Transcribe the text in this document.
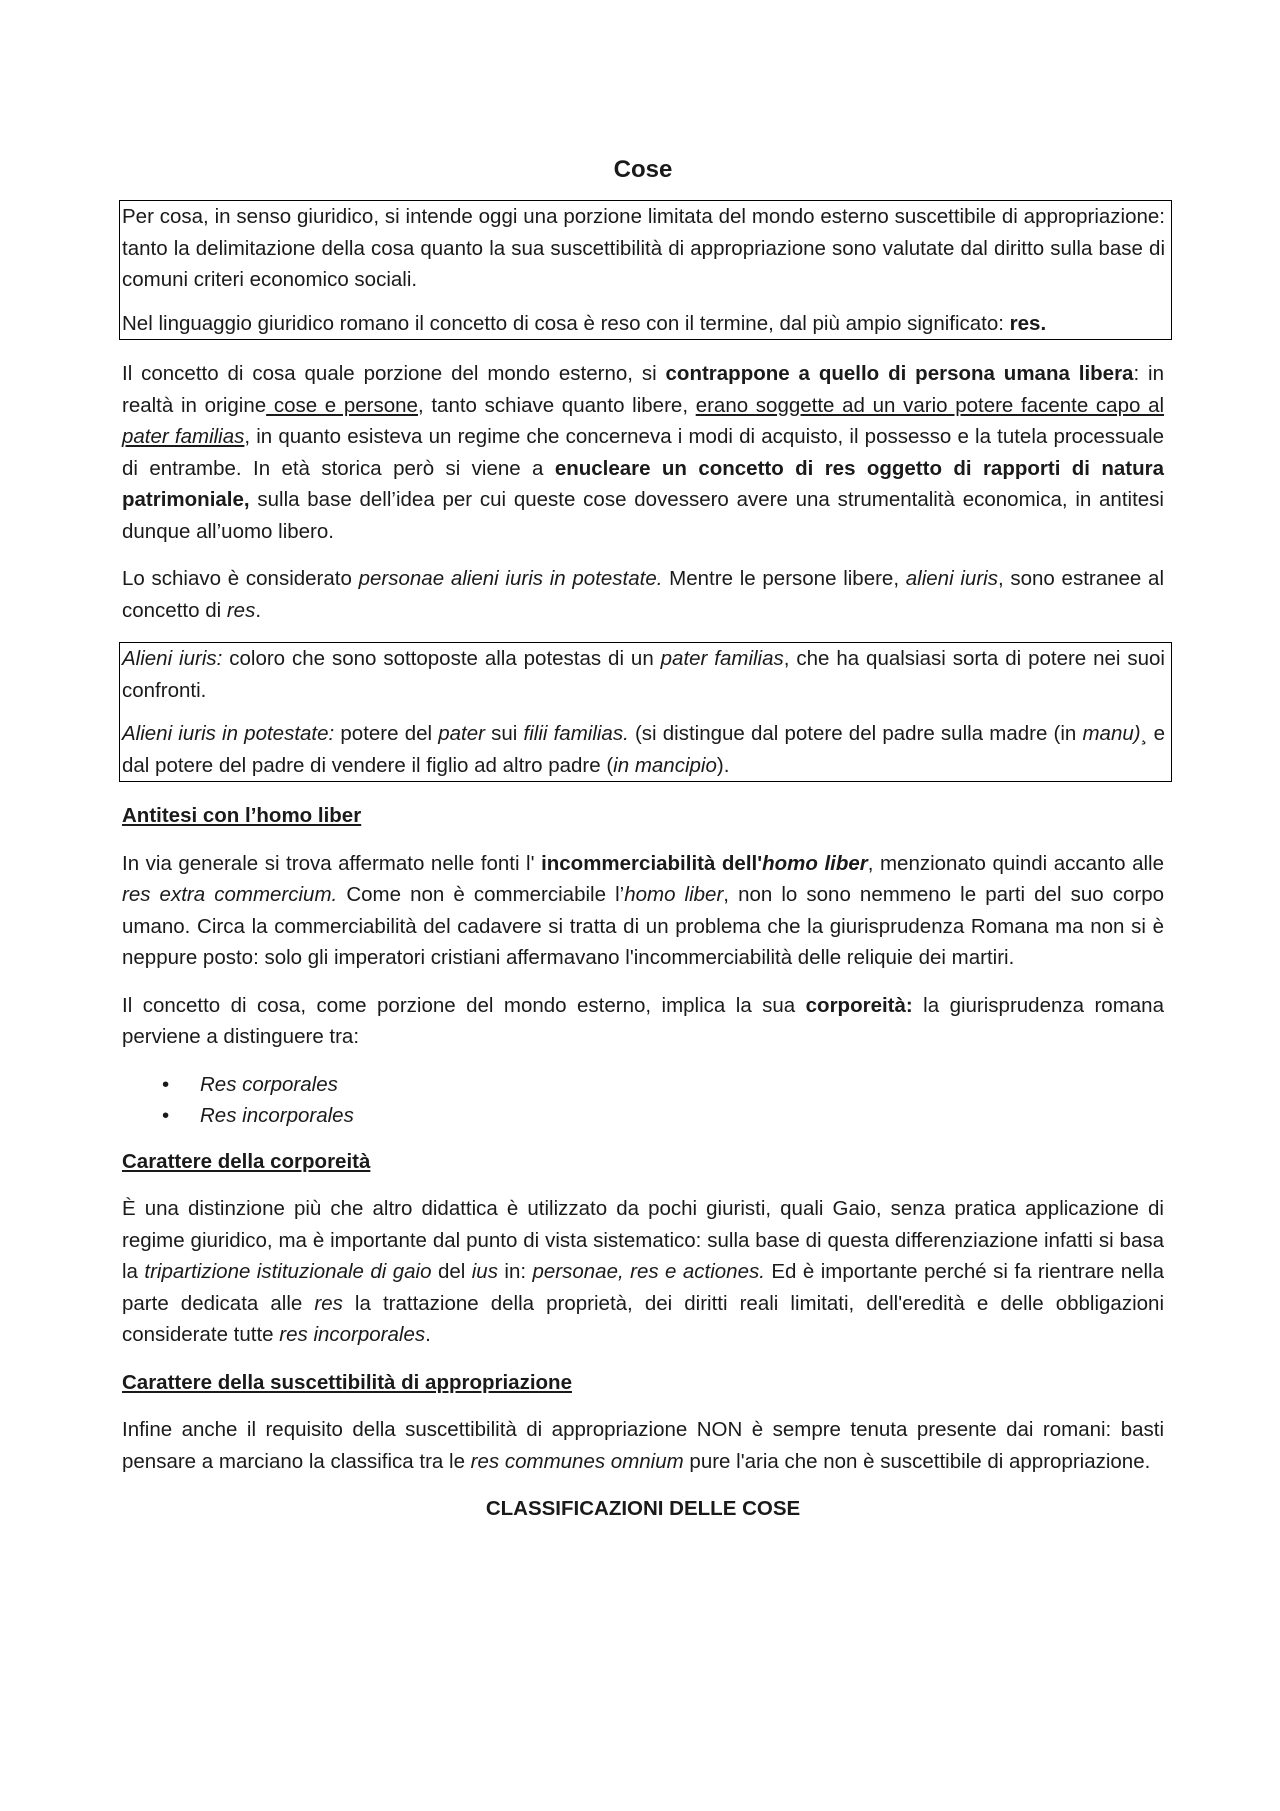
Cose

Per cosa, in senso giuridico, si intende oggi una porzione limitata del mondo esterno suscettibile di appropriazione: tanto la delimitazione della cosa quanto la sua suscettibilità di appropriazione sono valutate dal diritto sulla base di comuni criteri economico sociali.

Nel linguaggio giuridico romano il concetto di cosa è reso con il termine, dal più ampio significato: res.

Il concetto di cosa quale porzione del mondo esterno, si contrappone a quello di persona umana libera: in realtà in origine cose e persone, tanto schiave quanto libere, erano soggette ad un vario potere facente capo al pater familias, in quanto esisteva un regime che concerneva i modi di acquisto, il possesso e la tutela processuale di entrambe. In età storica però si viene a enucleare un concetto di res oggetto di rapporti di natura patrimoniale, sulla base dell’idea per cui queste cose dovessero avere una strumentalità economica, in antitesi dunque all’uomo libero.

Lo schiavo è considerato personae alieni iuris in potestate. Mentre le persone libere, alieni iuris, sono estranee al concetto di res.

Alieni iuris: coloro che sono sottoposte alla potestas di un pater familias, che ha qualsiasi sorta di potere nei suoi confronti.

Alieni iuris in potestate: potere del pater sui filii familias. (si distingue dal potere del padre sulla madre (in manu)¸ e dal potere del padre di vendere il figlio ad altro padre (in mancipio).

Antitesi con l’homo liber

In via generale si trova affermato nelle fonti l' incommerciabilità dell'homo liber, menzionato quindi accanto alle res extra commercium. Come non è commerciabile l’homo liber, non lo sono nemmeno le parti del suo corpo umano. Circa la commerciabilità del cadavere si tratta di un problema che la giurisprudenza Romana ma non si è neppure posto: solo gli imperatori cristiani affermavano l'incommerciabilità delle reliquie dei martiri.

Il concetto di cosa, come porzione del mondo esterno, implica la sua corporeità: la giurisprudenza romana perviene a distinguere tra:

• Res corporales
• Res incorporales
Carattere della corporeità

È una distinzione più che altro didattica è utilizzato da pochi giuristi, quali Gaio, senza pratica applicazione di regime giuridico, ma è importante dal punto di vista sistematico: sulla base di questa differenziazione infatti si basa la tripartizione istituzionale di gaio del ius in: personae, res e actiones. Ed è importante perché si fa rientrare nella parte dedicata alle res la trattazione della proprietà, dei diritti reali limitati, dell'eredità e delle obbligazioni considerate tutte res incorporales.

Carattere della suscettibilità di appropriazione

Infine anche il requisito della suscettibilità di appropriazione NON è sempre tenuta presente dai romani: basti pensare a marciano la classifica tra le res communes omnium pure l'aria che non è suscettibile di appropriazione.

CLASSIFICAZIONI DELLE COSE
